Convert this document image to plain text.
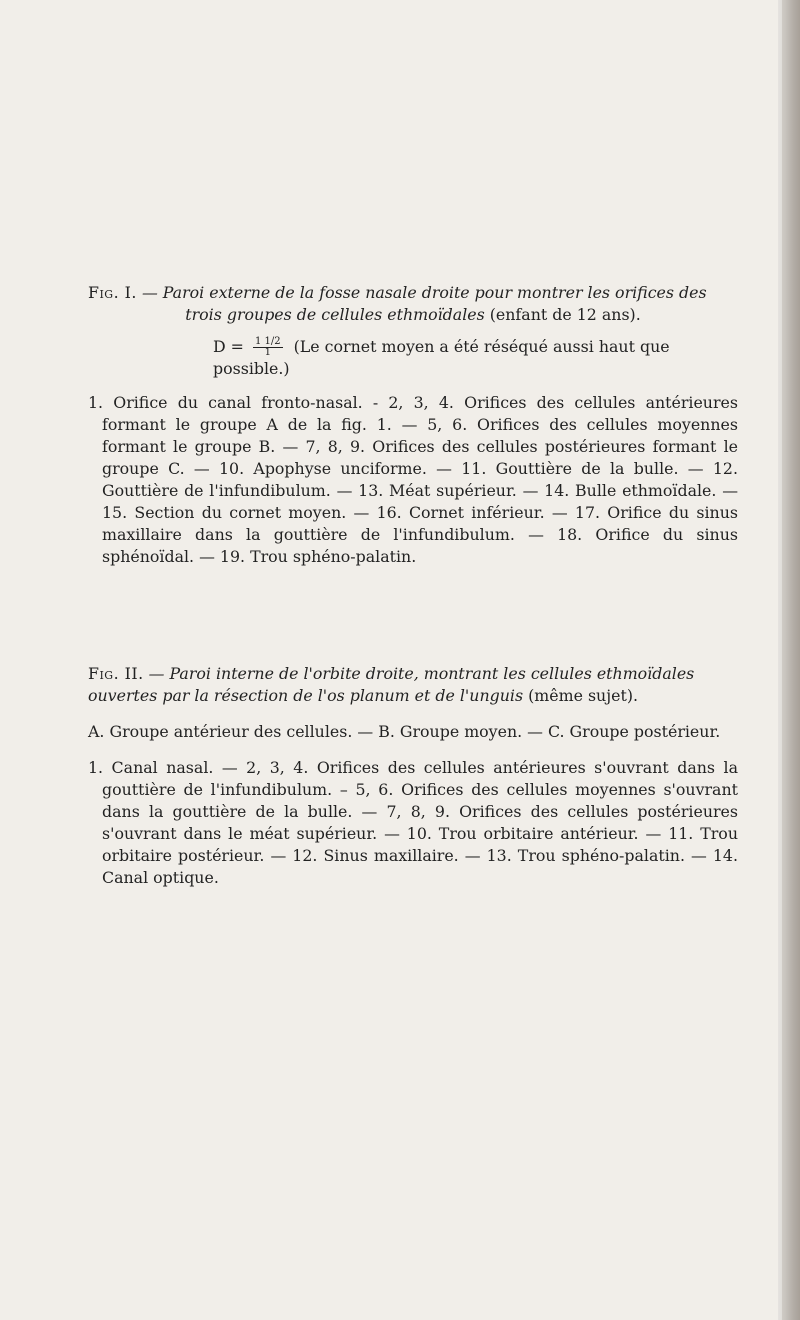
Fig. I. — Paroi externe de la fosse nasale droite pour montrer les orifices des

trois groupes de cellules ethmoïdales (enfant de 12 ans).

$D = \frac{1 1/2}{1} (Le$ cornet moyen a été réséqué aussi haut que possible.)

1. Orifice du canal fronto-nasal. - 2, 3, 4. Orifices des cellules antérieures formant le groupe A de la fig. 1. — 5, 6. Orifices des cellules moyennes formant le groupe B. — 7, 8, 9. Orifices des cellules postérieures formant le groupe C. — 10. Apophyse unciforme. — 11. Gouttière de la bulle. — 12. Gouttière de l'infundibulum. — 13. Méat supérieur. — 14. Bulle ethmoïdale. — 15. Section du cornet moyen. — 16. Cornet inférieur. — 17. Orifice du sinus maxillaire dans la gouttière de l'infundibulum. — 18. Orifice du sinus sphénoïdal. — 19. Trou sphéno-palatin.

Fig. II. — Paroi interne de l'orbite droite, montrant les cellules ethmoïdales
ouvertes par la résection de l'os planum et de l'unguis (même sujet).

A. Groupe antérieur des cellules. — B. Groupe moyen. — C. Groupe postérieur.

1. Canal nasal. — 2, 3, 4. Orifices des cellules antérieures s'ouvrant dans la gouttière de l'infundibulum. – 5, 6. Orifices des cellules moyennes s'ouvrant dans la gouttière de la bulle. — 7, 8, 9. Orifices des cellules postérieures s'ouvrant dans le méat supérieur. — 10. Trou orbitaire antérieur. — 11. Trou orbitaire postérieur. — 12. Sinus maxillaire. — 13. Trou sphéno-palatin. — 14. Canal optique.
